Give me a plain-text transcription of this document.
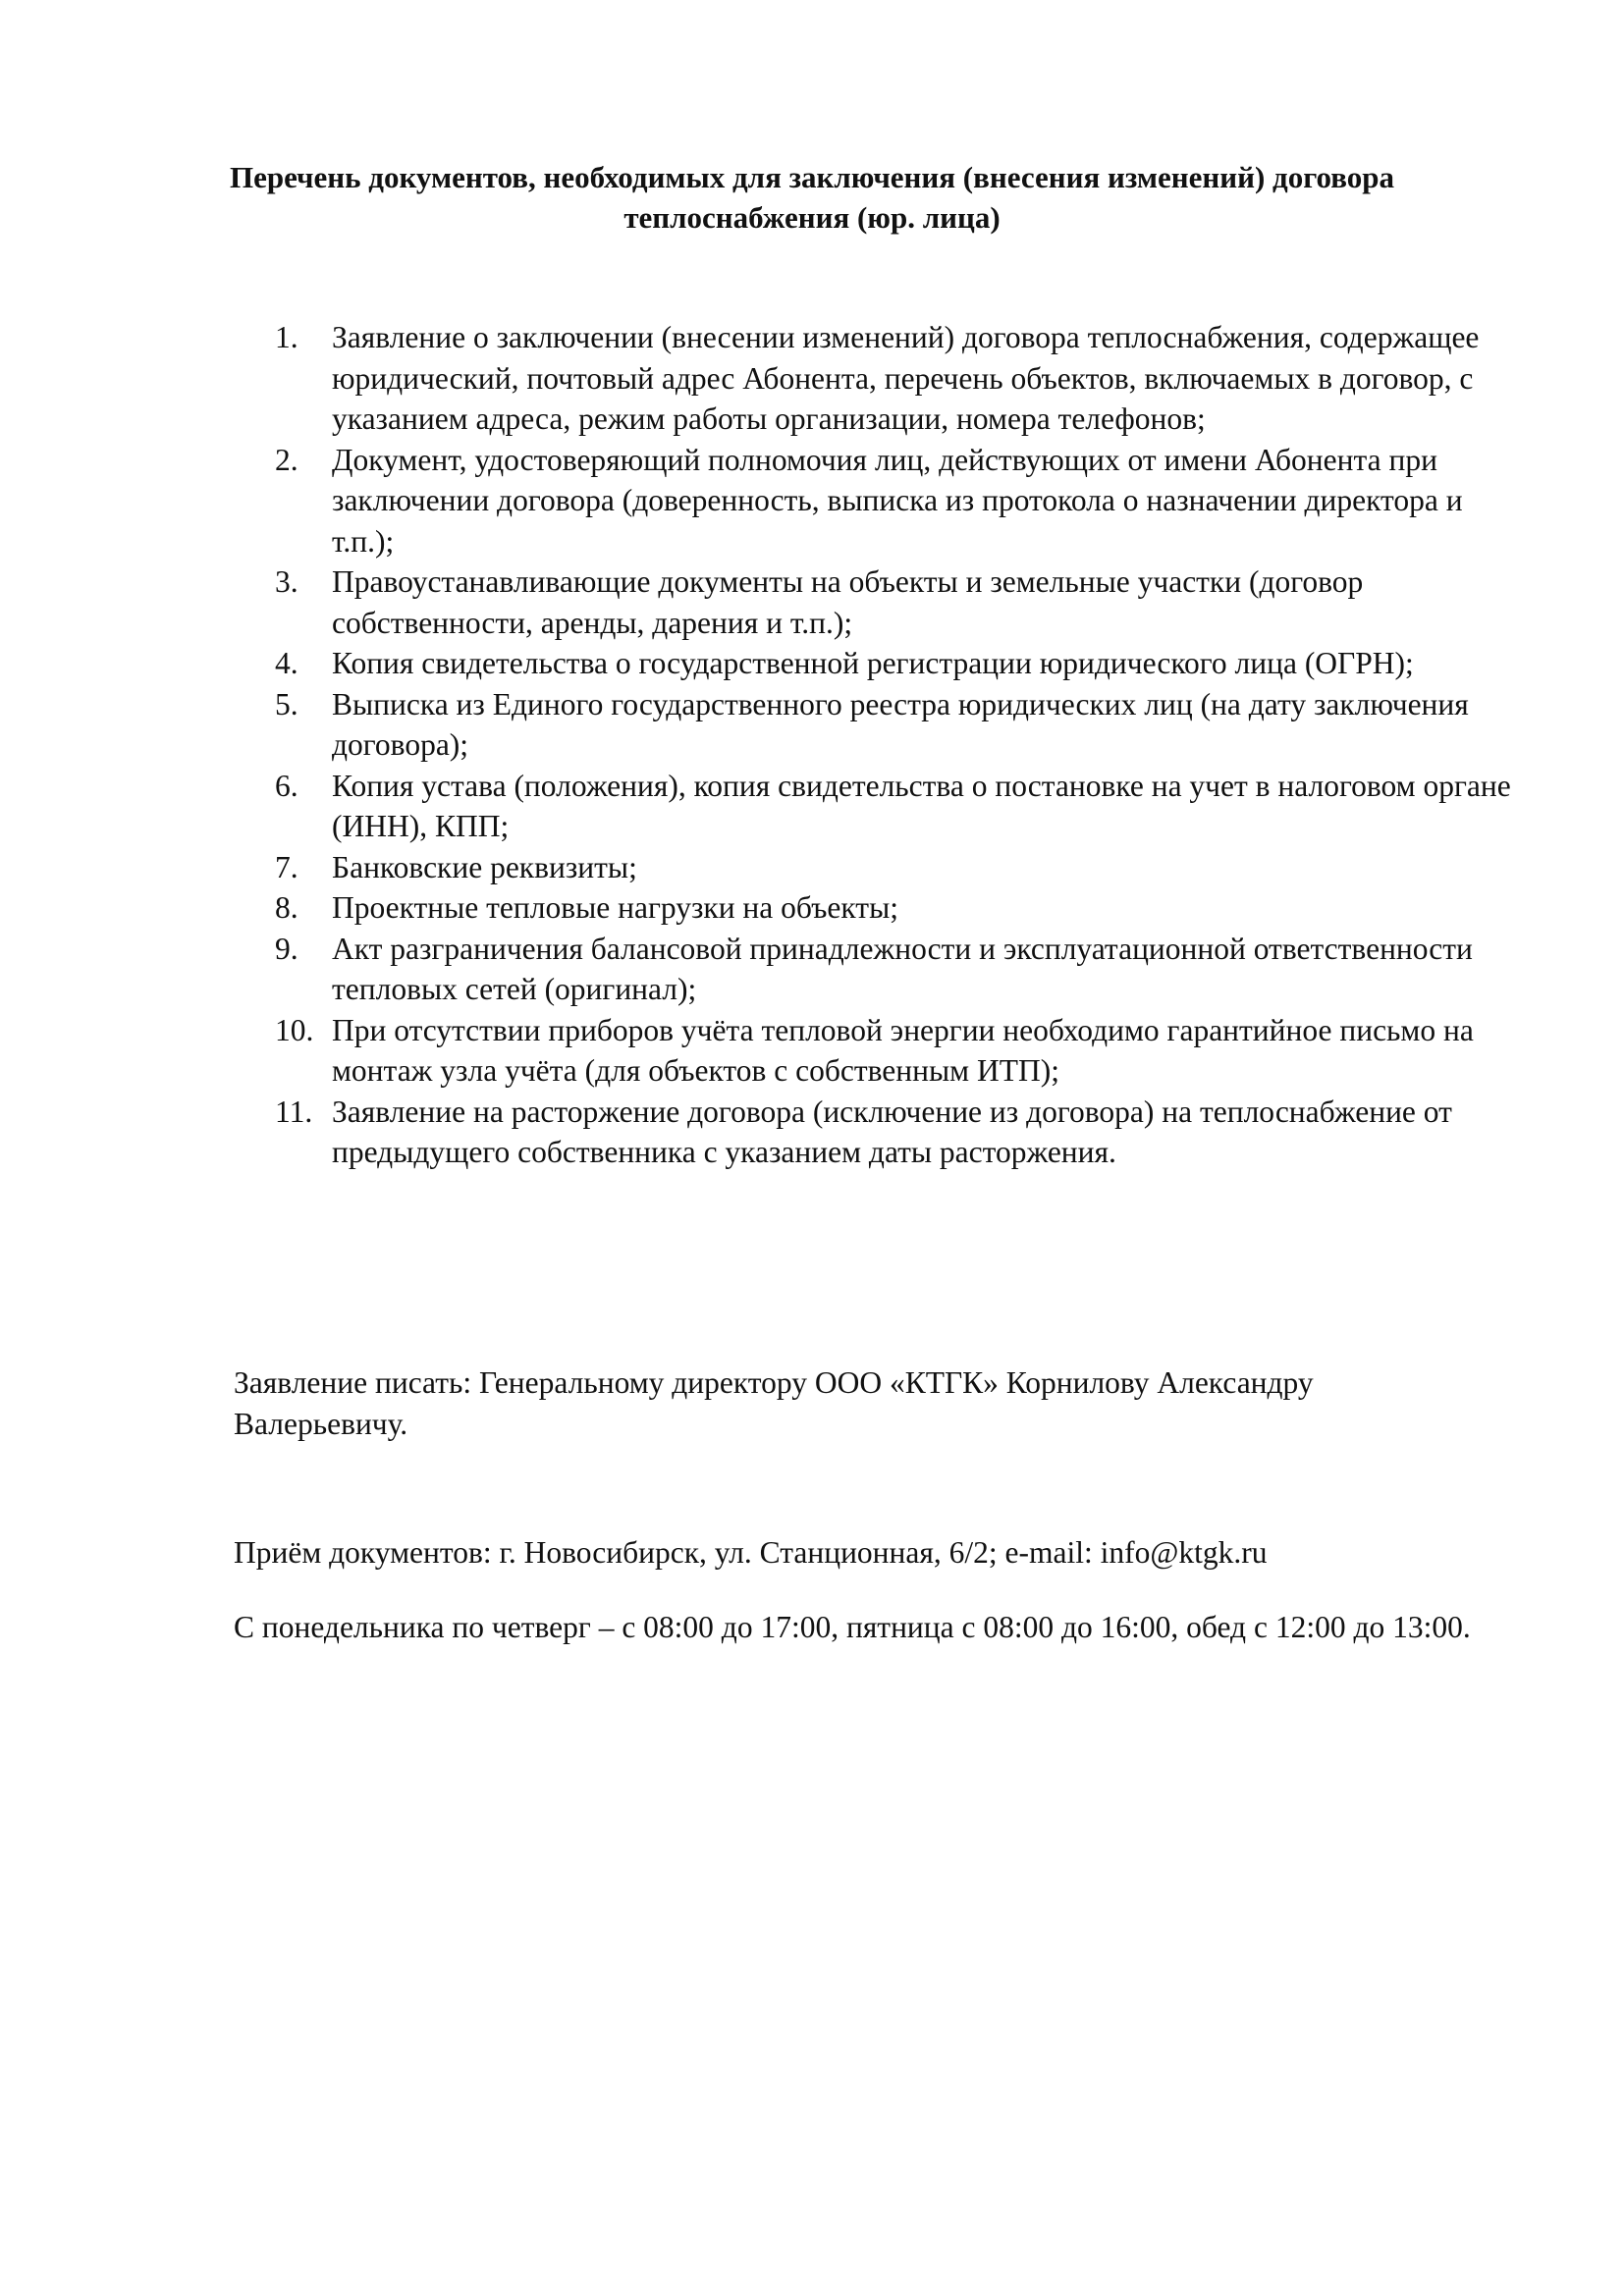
Перечень документов, необходимых для заключения (внесения изменений) договора теплоснабжения (юр. лица)
1. Заявление о заключении (внесении изменений) договора теплоснабжения, содержащее юридический, почтовый адрес Абонента, перечень объектов, включаемых в договор, с указанием адреса, режим работы организации, номера телефонов;
2. Документ, удостоверяющий полномочия лиц, действующих от имени Абонента при заключении договора (доверенность, выписка из протокола о назначении директора и т.п.);
3. Правоустанавливающие документы на объекты и земельные участки (договор собственности, аренды, дарения и т.п.);
4. Копия свидетельства о государственной регистрации юридического лица (ОГРН);
5. Выписка из Единого государственного реестра юридических лиц (на дату заключения договора);
6. Копия устава (положения), копия свидетельства о постановке на учет в налоговом органе (ИНН), КПП;
7. Банковские реквизиты;
8. Проектные тепловые нагрузки на объекты;
9. Акт разграничения балансовой принадлежности и эксплуатационной ответственности тепловых сетей (оригинал);
10. При отсутствии приборов учёта тепловой энергии необходимо гарантийное письмо на монтаж узла учёта (для объектов с собственным ИТП);
11. Заявление на расторжение договора (исключение из договора) на теплоснабжение от предыдущего собственника с указанием даты расторжения.

Заявление писать: Генеральному директору ООО «КТГК» Корнилову Александру Валерьевичу.

Приём документов: г. Новосибирск, ул. Станционная, 6/2; e-mail: info@ktgk.ru

С понедельника по четверг – с 08:00 до 17:00, пятница с 08:00 до 16:00, обед с 12:00 до 13:00.
